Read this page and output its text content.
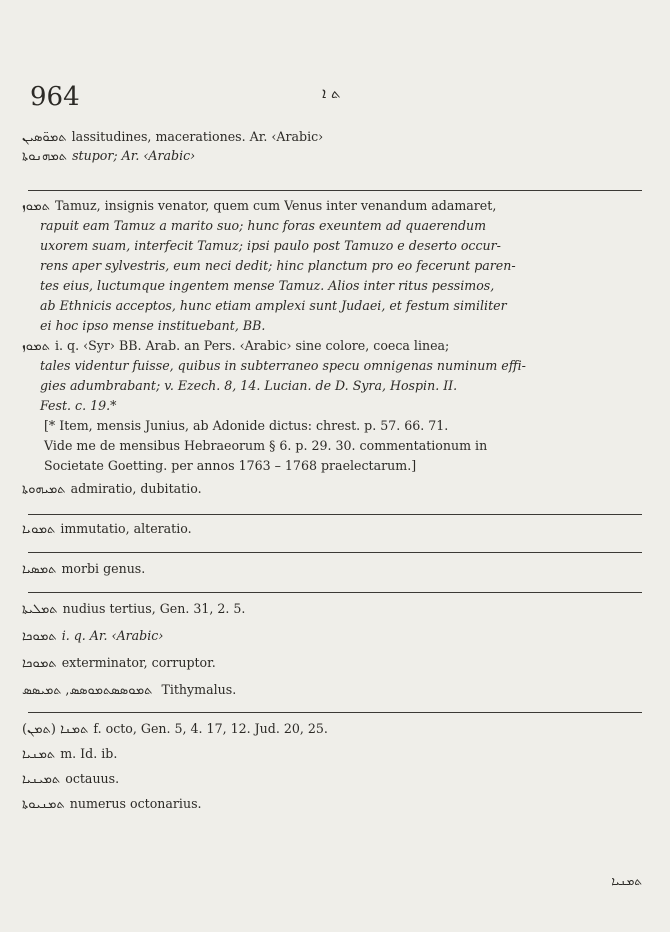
964	ܬ ܐ
ܬܡܘ̈ܣܝܢ lassitudines, macerationes. Ar. ‹Arabic›
ܬܡܗܢܘܬܐ stupor; Ar. ‹Arabic›
ܬܡܘܙ Tamuz, insignis venator, quem cum Venus inter venandum adamaret,
rapuit eam Tamuz a marito suo; hunc foras exeuntem ad quaerendum
uxorem suam, interfecit Tamuz; ipsi paulo post Tamuzo e deserto occur-
rens aper sylvestris, eum neci dedit; hinc planctum pro eo fecerunt paren-
tes eius, luctumque ingentem mense Tamuz. Alios inter ritus pessimos,
ab Ethnicis acceptos, hunc etiam amplexi sunt Judaei, et festum similiter
ei hoc ipso mense instituebant, BB.
ܬܡܘܙ i. q. ‹Syr› BB. Arab. an Pers. ‹Arabic› sine colore, coeca linea;
tales videntur fuisse, quibus in subterraneo specu omnigenas numinum effi-
gies adumbrabant; v. Ezech. 8, 14. Lucian. de D. Syra, Hospin. II.
Fest. c. 19.*
[* Item, mensis Junius, ab Adonide dictus: chrest. p. 57. 66. 71.
Vide me de mensibus Hebraeorum § 6. p. 29. 30. commentationum in
Societate Goetting. per annos 1763 – 1768 praelectarum.]
ܬܡܝܗܘܬܐ admiratio, dubitatio.
ܬܡܘܝܐ immutatio, alteratio.
ܬܡܣܝܐ morbi genus.
ܬܡܠܝܬܐ nudius tertius, Gen. 31, 2. 5.
ܬܡܘܟܐ i. q. Ar. ‹Arabic›
ܬܡܘܟܐ exterminator, corruptor.
ܬܡܘܣܣܬܡܘܣܣ, ܬܡܝܣܣ Tithymalus.
(ܬܡܢ) ܬܡܢܐ f. octo, Gen. 5, 4. 17, 12. Jud. 20, 25.
ܬܡܢܝܐ m. Id. ib.
ܬܡܝܢܝܐ octauus.
ܬܡܢܝܘܬܐ numerus octonarius.
ܬܡܢܝܐ
